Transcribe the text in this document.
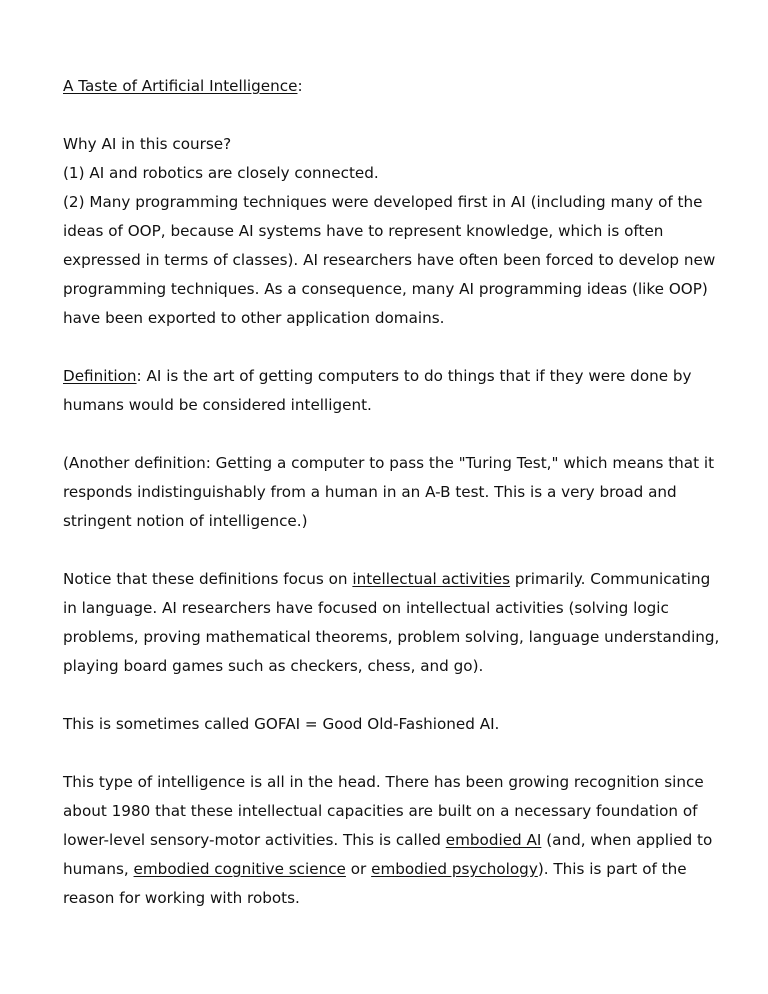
A Taste of Artificial Intelligence:

Why AI in this course?

(1) AI and robotics are closely connected.

(2) Many programming techniques were developed first in AI (including many of the ideas of OOP, because AI systems have to represent knowledge, which is often expressed in terms of classes). AI researchers have often been forced to develop new programming techniques. As a consequence, many AI programming ideas (like OOP) have been exported to other application domains.

Definition: AI is the art of getting computers to do things that if they were done by humans would be considered intelligent.

(Another definition: Getting a computer to pass the "Turing Test," which means that it responds indistinguishably from a human in an A-B test. This is a very broad and stringent notion of intelligence.)

Notice that these definitions focus on intellectual activities primarily. Communicating in language. AI researchers have focused on intellectual activities (solving logic problems, proving mathematical theorems, problem solving, language understanding, playing board games such as checkers, chess, and go).

This is sometimes called GOFAI = Good Old-Fashioned AI.

This type of intelligence is all in the head. There has been growing recognition since about 1980 that these intellectual capacities are built on a necessary foundation of lower-level sensory-motor activities. This is called embodied AI (and, when applied to humans, embodied cognitive science or embodied psychology). This is part of the reason for working with robots.
